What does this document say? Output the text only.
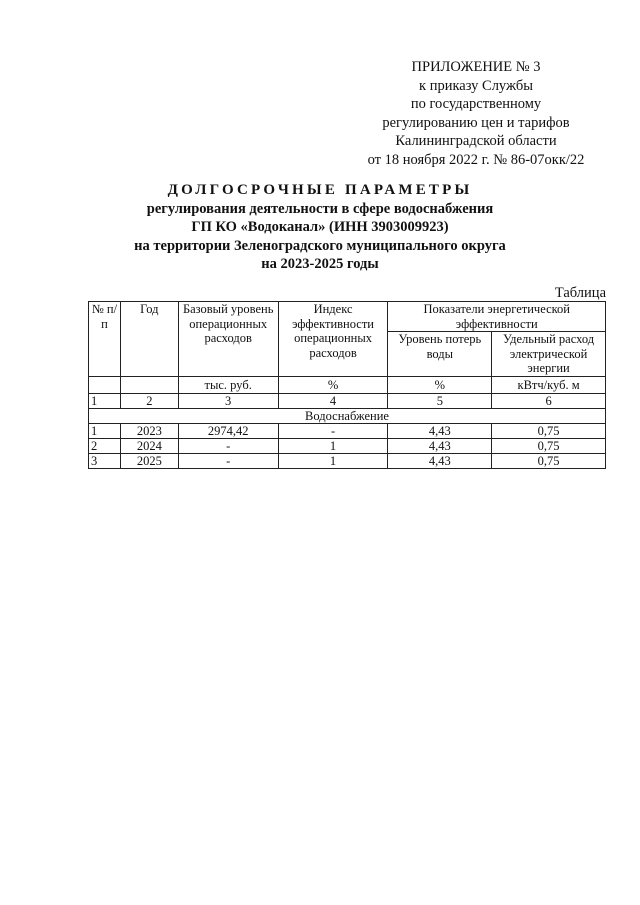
ПРИЛОЖЕНИЕ № 3
к приказу Службы
по государственному
регулированию цен и тарифов
Калининградской области
от 18 ноября 2022 г. № 86-07окк/22
ДОЛГОСРОЧНЫЕ ПАРАМЕТРЫ
регулирования деятельности в сфере водоснабжения
ГП КО «Водоканал» (ИНН 3903009923)
на территории Зеленоградского муниципального округа
на 2023-2025 годы
Таблица
№ п/п	Год	Базовый уровень операционных расходов	Индекс эффективности операционных расходов	Показатели энергетической эффективности	
				Уровень потерь воды	Удельный расход электрической энергии
		тыс. руб.	%	%	кВтч/куб. м
1	2	3	4	5	6
Водоснабжение					
1	2023	2974,42	-	4,43	0,75
2	2024	-	1	4,43	0,75
3	2025	-	1	4,43	0,75
